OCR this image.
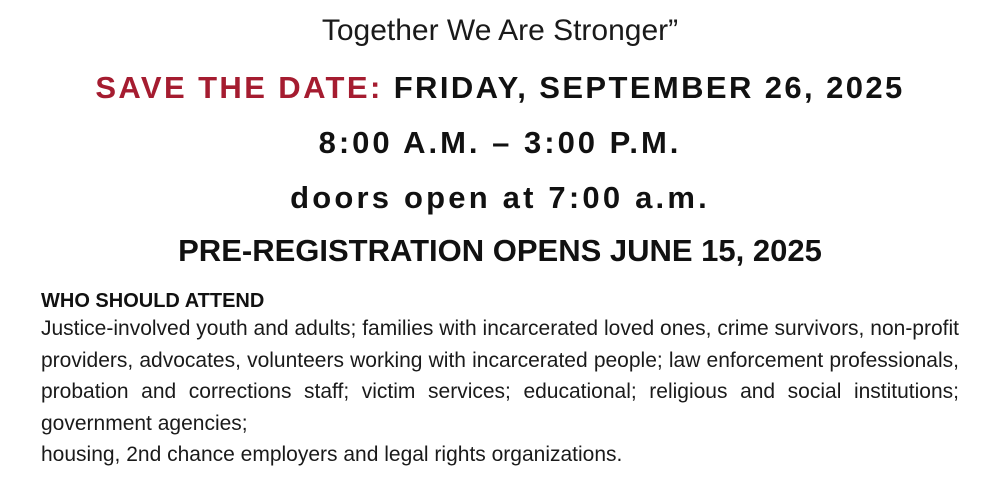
Together We Are Stronger”
SAVE THE DATE: FRIDAY, SEPTEMBER 26, 2025
8:00 A.M. – 3:00 P.M.
doors open at 7:00 a.m.
PRE-REGISTRATION OPENS JUNE 15, 2025
WHO SHOULD ATTEND

Justice-involved youth and adults; families with incarcerated loved ones, crime survivors, non-profit providers, advocates, volunteers working with incarcerated people; law enforcement professionals, probation and corrections staff; victim services; educational; religious and social institutions; government agencies;
housing, 2nd chance employers and legal rights organizations.
